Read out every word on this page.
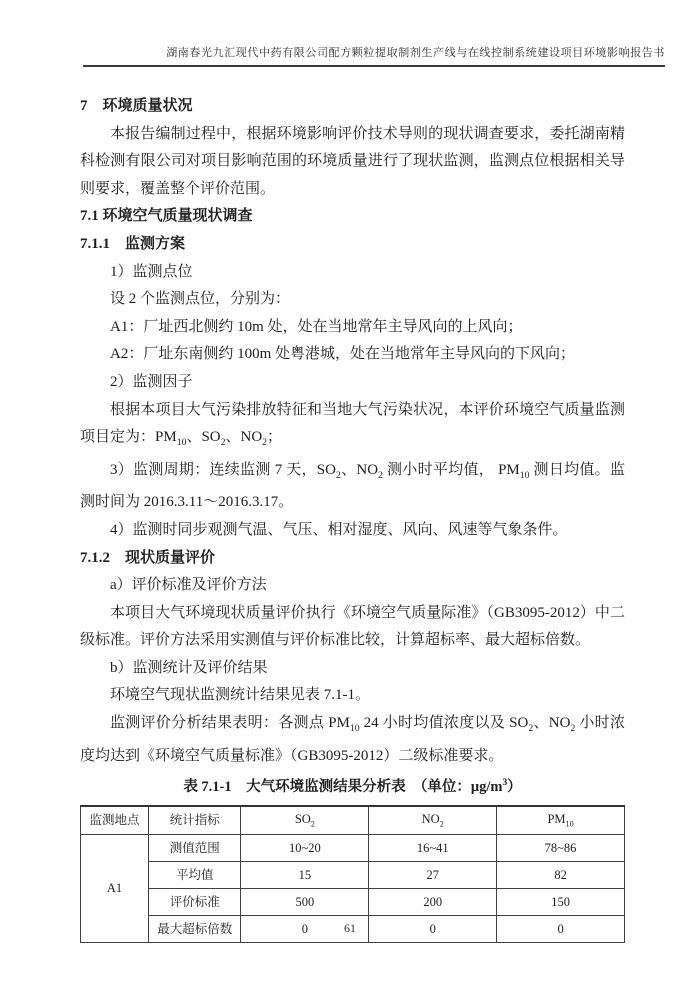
湖南春光九汇现代中药有限公司配方颗粒提取制剂生产线与在线控制系统建设项目环境影响报告书
7　环境质量状况
本报告编制过程中，根据环境影响评价技术导则的现状调查要求，委托湖南精科检测有限公司对项目影响范围的环境质量进行了现状监测，监测点位根据相关导则要求，覆盖整个评价范围。
7.1 环境空气质量现状调查
7.1.1　监测方案
1）监测点位
设 2 个监测点位，分别为：
A1：厂址西北侧约 10m 处，处在当地常年主导风向的上风向；
A2：厂址东南侧约 100m 处粤港城，处在当地常年主导风向的下风向；
2）监测因子
根据本项目大气污染排放特征和当地大气污染状况，本评价环境空气质量监测项目定为：$PM_{10}$、$SO_2$、$NO_2$；
3）监测周期：连续监测 7 天，$SO_2$、$NO_2$ 测小时平均值， $PM_{10}$ 测日均值。监测时间为 2016.3.11～2016.3.17。
4）监测时同步观测气温、气压、相对湿度、风向、风速等气象条件。
7.1.2　现状质量评价
a）评价标准及评价方法
本项目大气环境现状质量评价执行《环境空气质量际准》（GB3095-2012）中二级标准。评价方法采用实测值与评价标准比较，计算超标率、最大超标倍数。
b）监测统计及评价结果
环境空气现状监测统计结果见表 7.1-1。
监测评价分析结果表明：各测点 $PM_{10}$ 24 小时均值浓度以及 $SO_2$、$NO_2$ 小时浓度均达到《环境空气质量标准》（GB3095-2012）二级标准要求。
表 7.1-1　大气环境监测结果分析表　（单位：$\mu g/m^3$）
监测地点	统计指标	$SO_2$	$NO_2$	$PM_{10}$
A1	测值范围	10~20	16~41	78~86
	平均值	15	27	82
	评价标准	500	200	150
	最大超标倍数	0	0	0
61
